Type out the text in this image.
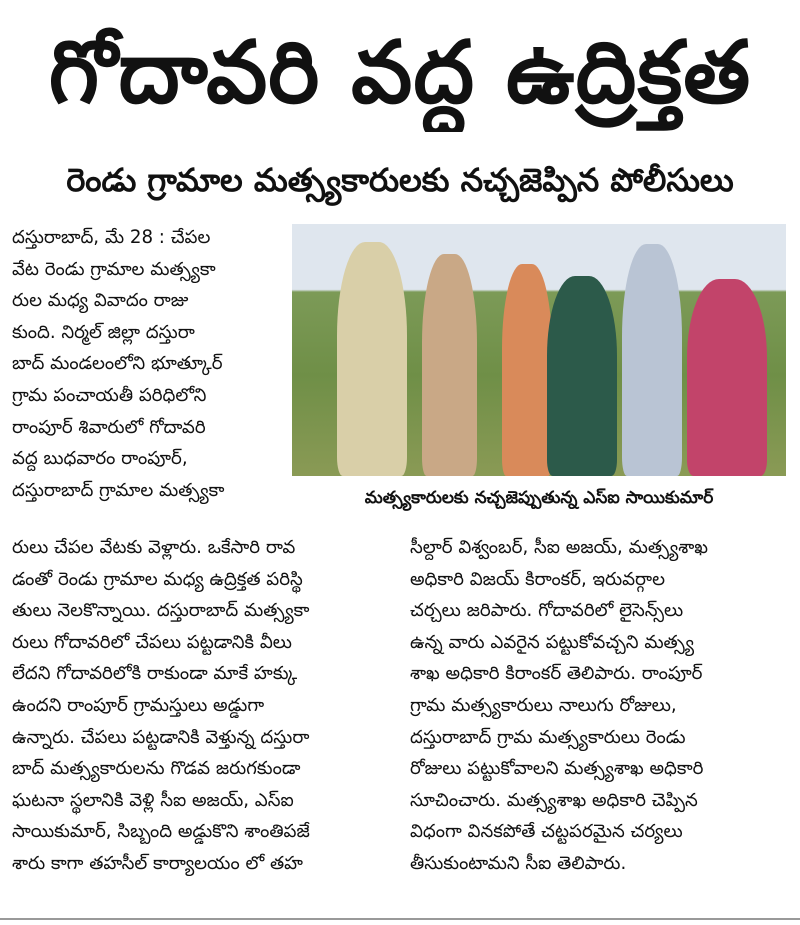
గోదావరి వద్ద ఉద్రిక్తత
రెండు గ్రామాల మత్స్యకారులకు నచ్చజెప్పిన పోలీసులు
దస్తురాబాద్, మే 28 : చేపల
వేట రెండు గ్రామాల మత్స్యకా
రుల మధ్య వివాదం రాజు
కుంది. నిర్మల్ జిల్లా దస్తురా
బాద్ మండలంలోని భూత్కూర్
గ్రామ పంచాయతీ పరిధిలోని
రాంపూర్ శివారులో గోదావరి
వద్ద బుధవారం రాంపూర్,
దస్తురాబాద్ గ్రామాల మత్స్యకా	మత్స్యకారులకు నచ్చజెప్పుతున్న ఎస్‌ఐ సాయికుమార్
రులు చేపల వేటకు వెళ్లారు. ఒకేసారి రావ
డంతో రెండు గ్రామాల మధ్య ఉద్రిక్తత పరిస్థి
తులు నెలకొన్నాయి. దస్తురాబాద్ మత్స్యకా
రులు గోదావరిలో చేపలు పట్టడానికి వీలు
లేదని గోదావరిలోకి రాకుండా మాకే హక్కు
ఉందని రాంపూర్ గ్రామస్తులు అడ్డుగా
ఉన్నారు. చేపలు పట్టడానికి వెళ్తున్న దస్తురా
బాద్ మత్స్యకారులను గొడవ జరుగకుండా
ఘటనా స్థలానికి వెళ్లి సీఐ అజయ్, ఎస్‌ఐ
సాయికుమార్, సిబ్బంది అడ్డుకొని శాంతిపజే
శారు కాగా తహసీల్ కార్యాలయం లో తహ
సీల్దార్ విశ్వంబర్, సీఐ అజయ్, మత్స్యశాఖ
అధికారి విజయ్ కిరాంకర్, ఇరువర్గాల
చర్చలు జరిపారు. గోదావరిలో లైసెన్స్‌లు
ఉన్న వారు ఎవరైన పట్టుకోవచ్చని మత్స్య
శాఖ అధికారి కిరాంకర్ తెలిపారు. రాంపూర్
గ్రామ మత్స్యకారులు నాలుగు రోజులు,
దస్తురాబాద్ గ్రామ మత్స్యకారులు రెండు
రోజులు పట్టుకోవాలని మత్స్యశాఖ అధికారి
సూచించారు. మత్స్యశాఖ అధికారి చెప్పిన
విధంగా వినకపోతే చట్టపరమైన చర్యలు
తీసుకుంటామని సీఐ తెలిపారు.
